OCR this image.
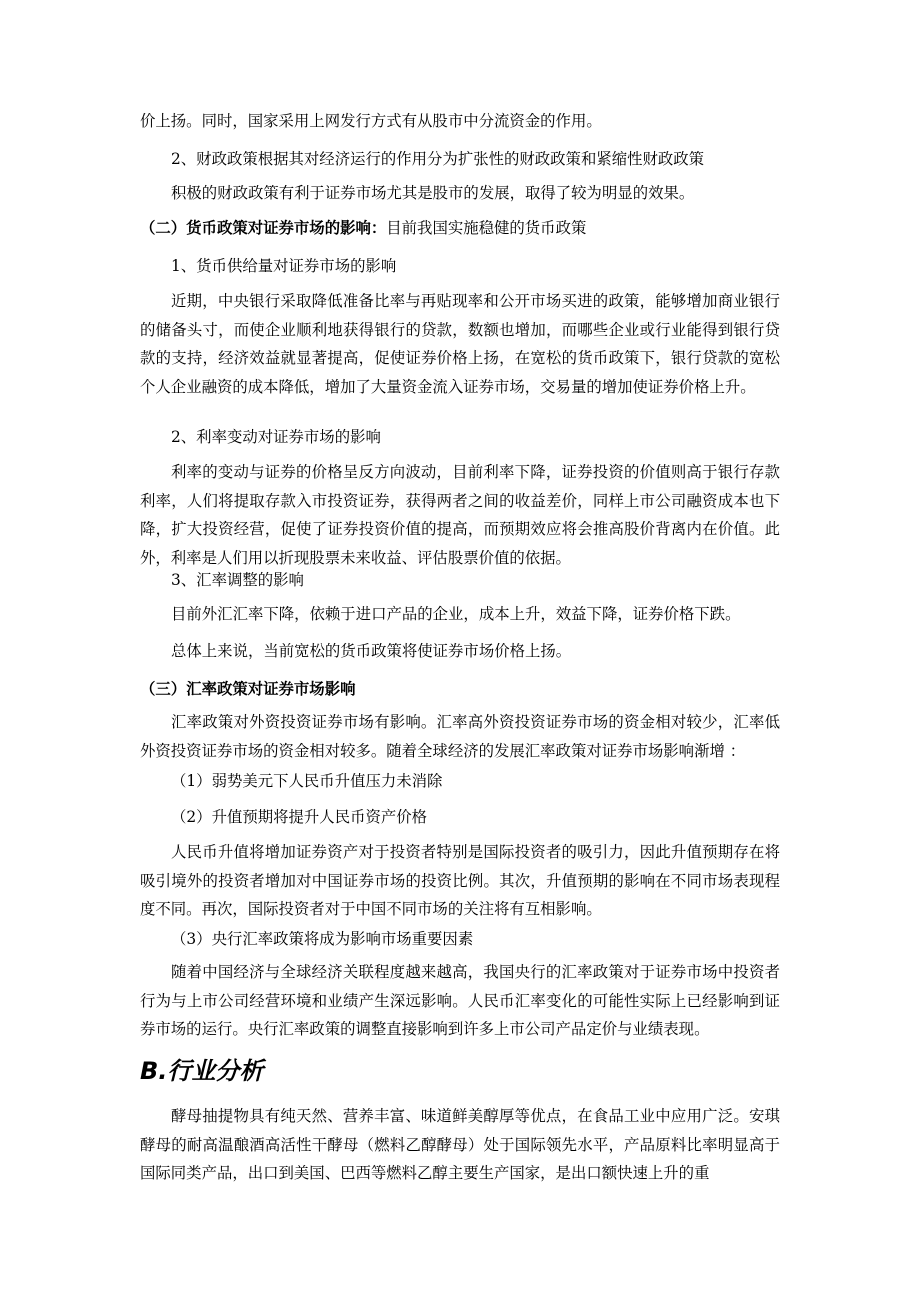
价上扬。同时，国家采用上网发行方式有从股市中分流资金的作用。
2、财政政策根据其对经济运行的作用分为扩张性的财政政策和紧缩性财政政策
积极的财政政策有利于证券市场尤其是股市的发展，取得了较为明显的效果。
（二）货币政策对证券市场的影响：目前我国实施稳健的货币政策
1、货币供给量对证券市场的影响
近期，中央银行采取降低准备比率与再贴现率和公开市场买进的政策，能够增加商业银行的储备头寸，而使企业顺利地获得银行的贷款，数额也增加，而哪些企业或行业能得到银行贷款的支持，经济效益就显著提高，促使证券价格上扬，在宽松的货币政策下，银行贷款的宽松个人企业融资的成本降低，增加了大量资金流入证券市场，交易量的增加使证券价格上升。
2、利率变动对证券市场的影响
利率的变动与证券的价格呈反方向波动，目前利率下降，证券投资的价值则高于银行存款利率，人们将提取存款入市投资证券，获得两者之间的收益差价，同样上市公司融资成本也下降，扩大投资经营，促使了证券投资价值的提高，而预期效应将会推高股价背离内在价值。此外，利率是人们用以折现股票未来收益、评估股票价值的依据。
3、汇率调整的影响
目前外汇汇率下降，依赖于进口产品的企业，成本上升，效益下降，证券价格下跌。
总体上来说，当前宽松的货币政策将使证券市场价格上扬。
（三）汇率政策对证券市场影响
汇率政策对外资投资证券市场有影响。汇率高外资投资证券市场的资金相对较少，汇率低外资投资证券市场的资金相对较多。随着全球经济的发展汇率政策对证券市场影响渐增 ：
（1）弱势美元下人民币升值压力未消除
（2）升值预期将提升人民币资产价格
人民币升值将增加证券资产对于投资者特别是国际投资者的吸引力，因此升值预期存在将吸引境外的投资者增加对中国证券市场的投资比例。其次，升值预期的影响在不同市场表现程度不同。再次，国际投资者对于中国不同市场的关注将有互相影响。
（3）央行汇率政策将成为影响市场重要因素
随着中国经济与全球经济关联程度越来越高，我国央行的汇率政策对于证券市场中投资者行为与上市公司经营环境和业绩产生深远影响。人民币汇率变化的可能性实际上已经影响到证券市场的运行。央行汇率政策的调整直接影响到许多上市公司产品定价与业绩表现。
B.行业分析
酵母抽提物具有纯天然、营养丰富、味道鲜美醇厚等优点，在食品工业中应用广泛。安琪酵母的耐高温酿酒高活性干酵母（燃料乙醇酵母）处于国际领先水平，产品原料比率明显高于国际同类产品，出口到美国、巴西等燃料乙醇主要生产国家，是出口额快速上升的重
